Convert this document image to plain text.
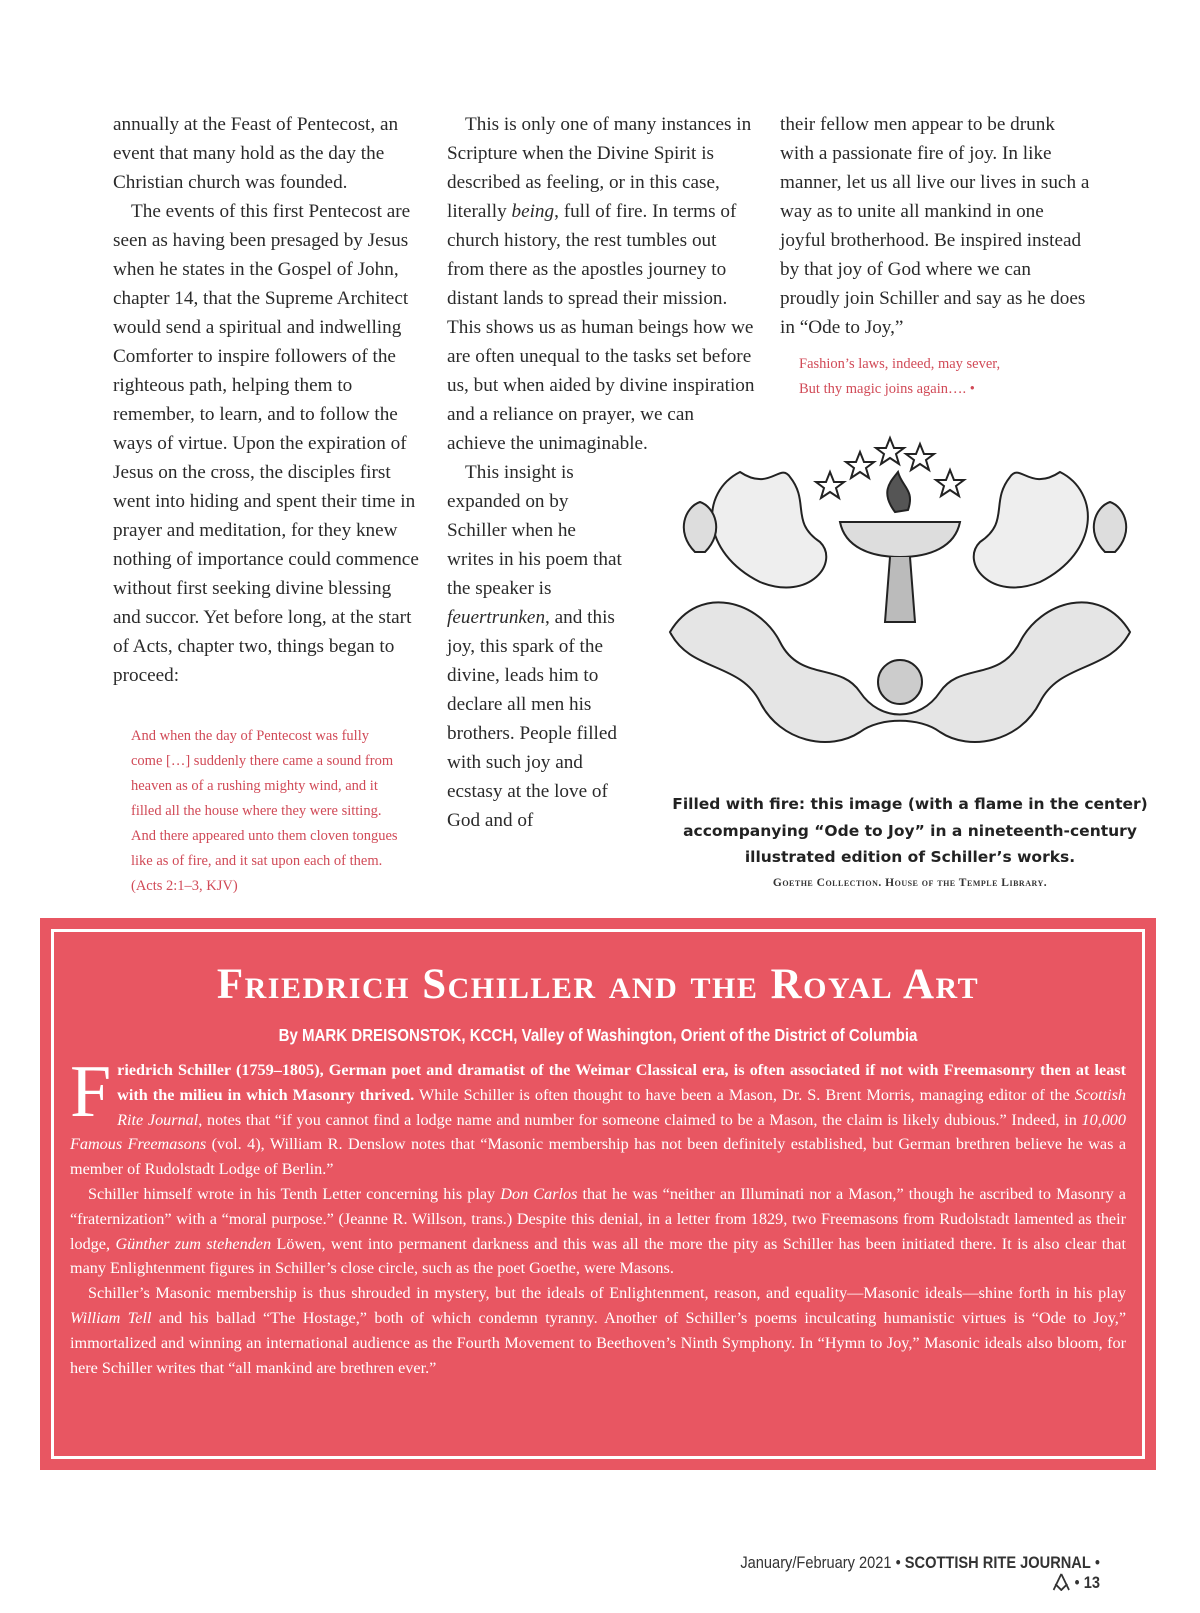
annually at the Feast of Pentecost, an event that many hold as the day the Christian church was founded.

The events of this first Pentecost are seen as having been presaged by Jesus when he states in the Gospel of John, chapter 14, that the Supreme Architect would send a spiritual and indwelling Comforter to inspire followers of the righteous path, helping them to remember, to learn, and to follow the ways of virtue. Upon the expiration of Jesus on the cross, the disciples first went into hiding and spent their time in prayer and meditation, for they knew nothing of importance could commence without first seeking divine blessing and succor. Yet before long, at the start of Acts, chapter two, things began to proceed:

And when the day of Pentecost was fully come […] suddenly there came a sound from heaven as of a rushing mighty wind, and it filled all the house where they were sitting. And there appeared unto them cloven tongues like as of fire, and it sat upon each of them. (Acts 2:1–3, KJV)

This is only one of many instances in Scripture when the Divine Spirit is described as feeling, or in this case, literally being, full of fire. In terms of church history, the rest tumbles out from there as the apostles journey to distant lands to spread their mission. This shows us as human beings how we are often unequal to the tasks set before us, but when aided by divine inspiration and a reliance on prayer, we can achieve the unimaginable.

This insight is expanded on by Schiller when he writes in his poem that the speaker is feuertrunken, and this joy, this spark of the divine, leads him to declare all men his brothers. People filled with such joy and ecstasy at the love of God and of

their fellow men appear to be drunk with a passionate fire of joy. In like manner, let us all live our lives in such a way as to unite all mankind in one joyful brotherhood. Be inspired instead by that joy of God where we can proudly join Schiller and say as he does in “Ode to Joy,”

Fashion’s laws, indeed, may sever,
But thy magic joins again…. •
Filled with fire: this image (with a flame in the center) accompanying “Ode to Joy” in a nineteenth-century illustrated edition of Schiller’s works.
Goethe Collection. House of the Temple Library.
Friedrich Schiller and the Royal Art
By MARK DREISONSTOK, KCCH, Valley of Washington, Orient of the District of Columbia

Friedrich Schiller (1759–1805), German poet and dramatist of the Weimar Classical era, is often associated if not with Freemasonry then at least with the milieu in which Masonry thrived. While Schiller is often thought to have been a Mason, Dr. S. Brent Morris, managing editor of the Scottish Rite Journal, notes that “if you cannot find a lodge name and number for someone claimed to be a Mason, the claim is likely dubious.” Indeed, in 10,000 Famous Freemasons (vol. 4), William R. Denslow notes that “Masonic membership has not been definitely established, but German brethren believe he was a member of Rudolstadt Lodge of Berlin.”

Schiller himself wrote in his Tenth Letter concerning his play Don Carlos that he was “neither an Illuminati nor a Mason,” though he ascribed to Masonry a “fraternization” with a “moral purpose.” (Jeanne R. Willson, trans.) Despite this denial, in a letter from 1829, two Freemasons from Rudolstadt lamented as their lodge, Günther zum stehenden Löwen, went into permanent darkness and this was all the more the pity as Schiller has been initiated there. It is also clear that many Enlightenment figures in Schiller’s close circle, such as the poet Goethe, were Masons.

Schiller’s Masonic membership is thus shrouded in mystery, but the ideals of Enlightenment, reason, and equality—Masonic ideals—shine forth in his play William Tell and his ballad “The Hostage,” both of which condemn tyranny. Another of Schiller’s poems inculcating humanistic virtues is “Ode to Joy,” immortalized and winning an international audience as the Fourth Movement to Beethoven’s Ninth Symphony. In “Hymn to Joy,” Masonic ideals also bloom, for here Schiller writes that “all mankind are brethren ever.”

January/February 2021 • SCOTTISH RITE JOURNAL •  • 13
